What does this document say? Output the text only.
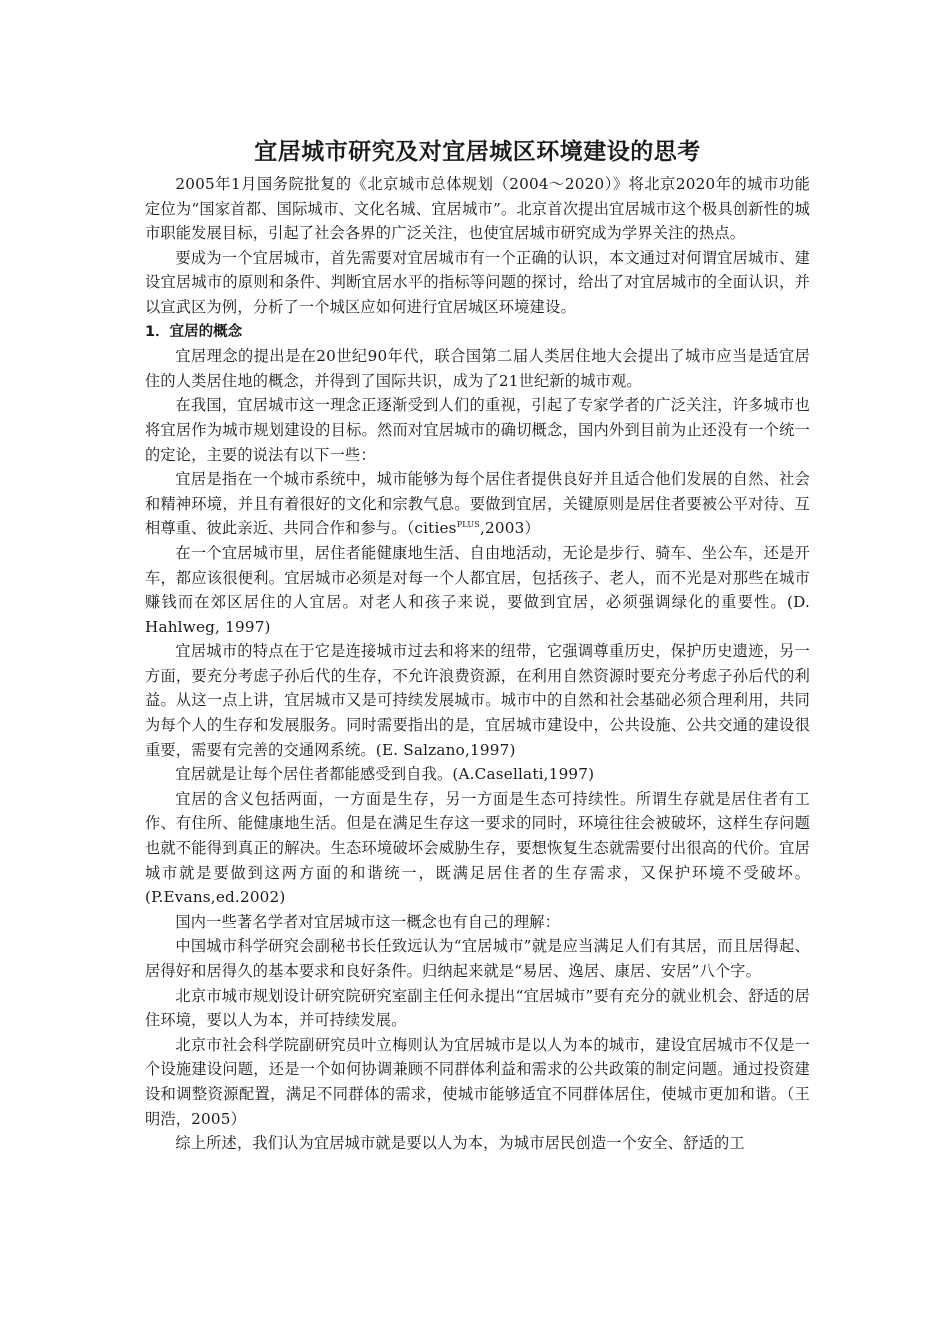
宜居城市研究及对宜居城区环境建设的思考

2005年1月国务院批复的《北京城市总体规划（2004～2020）》将北京2020年的城市功能定位为“国家首都、国际城市、文化名城、宜居城市”。北京首次提出宜居城市这个极具创新性的城市职能发展目标，引起了社会各界的广泛关注，也使宜居城市研究成为学界关注的热点。

要成为一个宜居城市，首先需要对宜居城市有一个正确的认识，本文通过对何谓宜居城市、建设宜居城市的原则和条件、判断宜居水平的指标等问题的探讨，给出了对宜居城市的全面认识，并以宣武区为例，分析了一个城区应如何进行宜居城区环境建设。

1．宜居的概念

宜居理念的提出是在20世纪90年代，联合国第二届人类居住地大会提出了城市应当是适宜居住的人类居住地的概念，并得到了国际共识，成为了21世纪新的城市观。

在我国，宜居城市这一理念正逐渐受到人们的重视，引起了专家学者的广泛关注，许多城市也将宜居作为城市规划建设的目标。然而对宜居城市的确切概念，国内外到目前为止还没有一个统一的定论，主要的说法有以下一些：

宜居是指在一个城市系统中，城市能够为每个居住者提供良好并且适合他们发展的自然、社会和精神环境，并且有着很好的文化和宗教气息。要做到宜居，关键原则是居住者要被公平对待、互相尊重、彼此亲近、共同合作和参与。（cities$^{PLUS}$,2003）

在一个宜居城市里，居住者能健康地生活、自由地活动，无论是步行、骑车、坐公车，还是开车，都应该很便利。宜居城市必须是对每一个人都宜居，包括孩子、老人，而不光是对那些在城市赚钱而在郊区居住的人宜居。对老人和孩子来说，要做到宜居，必须强调绿化的重要性。(D. Hahlweg, 1997)

宜居城市的特点在于它是连接城市过去和将来的纽带，它强调尊重历史，保护历史遗迹，另一方面，要充分考虑子孙后代的生存，不允许浪费资源，在利用自然资源时要充分考虑子孙后代的利益。从这一点上讲，宜居城市又是可持续发展城市。城市中的自然和社会基础必须合理利用，共同为每个人的生存和发展服务。同时需要指出的是，宜居城市建设中，公共设施、公共交通的建设很重要，需要有完善的交通网系统。(E. Salzano,1997)

宜居就是让每个居住者都能感受到自我。(A.Casellati,1997)

宜居的含义包括两面，一方面是生存，另一方面是生态可持续性。所谓生存就是居住者有工作、有住所、能健康地生活。但是在满足生存这一要求的同时，环境往往会被破坏，这样生存问题也就不能得到真正的解决。生态环境破坏会威胁生存，要想恢复生态就需要付出很高的代价。宜居城市就是要做到这两方面的和谐统一，既满足居住者的生存需求，又保护环境不受破坏。(P.Evans,ed.2002)

国内一些著名学者对宜居城市这一概念也有自己的理解：

中国城市科学研究会副秘书长任致远认为“宜居城市”就是应当满足人们有其居，而且居得起、居得好和居得久的基本要求和良好条件。归纳起来就是“易居、逸居、康居、安居”八个字。

北京市城市规划设计研究院研究室副主任何永提出“宜居城市”要有充分的就业机会、舒适的居住环境，要以人为本，并可持续发展。

北京市社会科学院副研究员叶立梅则认为宜居城市是以人为本的城市，建设宜居城市不仅是一个设施建设问题，还是一个如何协调兼顾不同群体利益和需求的公共政策的制定问题。通过投资建设和调整资源配置，满足不同群体的需求，使城市能够适宜不同群体居住，使城市更加和谐。（王明浩，2005）

综上所述，我们认为宜居城市就是要以人为本，为城市居民创造一个安全、舒适的工
